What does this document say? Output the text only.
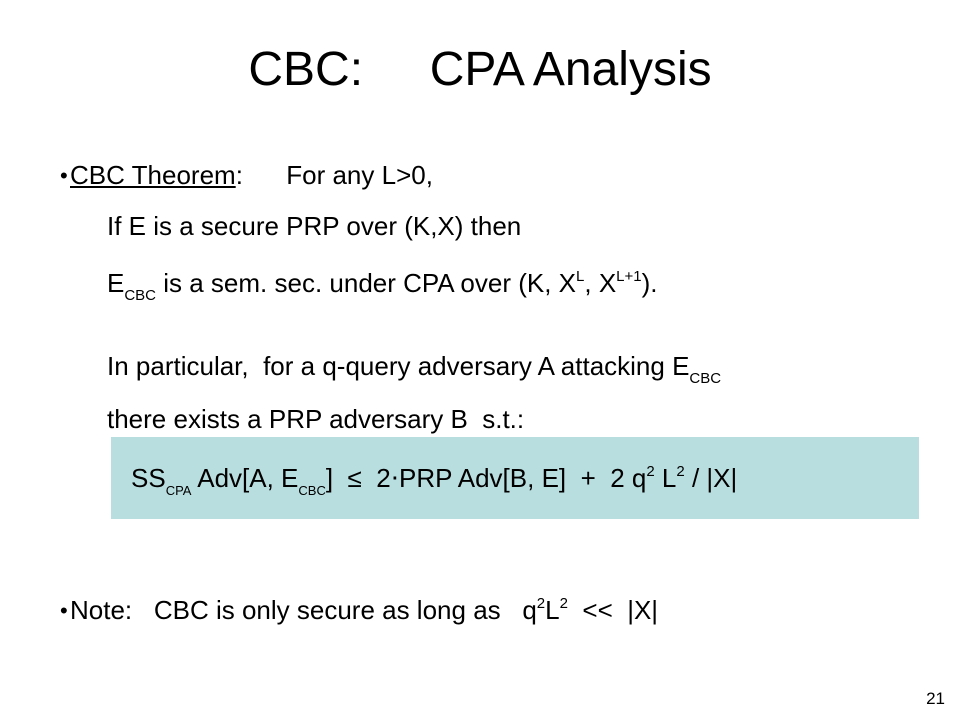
CBC:     CPA Analysis
• CBC Theorem:      For any L>0,
If E is a secure PRP over (K,X) then
$E_{CBC}$ is a sem. sec. under CPA over (K, $X^L$, $X^{L+1}$).
In particular,  for a q-query adversary A attacking $E_{CBC}$
there exists a PRP adversary B  s.t.:
$SS_{CPA}$ Adv[A, $E_{CBC}] \le 2\cdot PRP$ Adv[B, E]  +  2 $q^2$ $L^2 / |X|$
• Note:   CBC is only secure as long as   $q^2L^2 << |X|$
21
